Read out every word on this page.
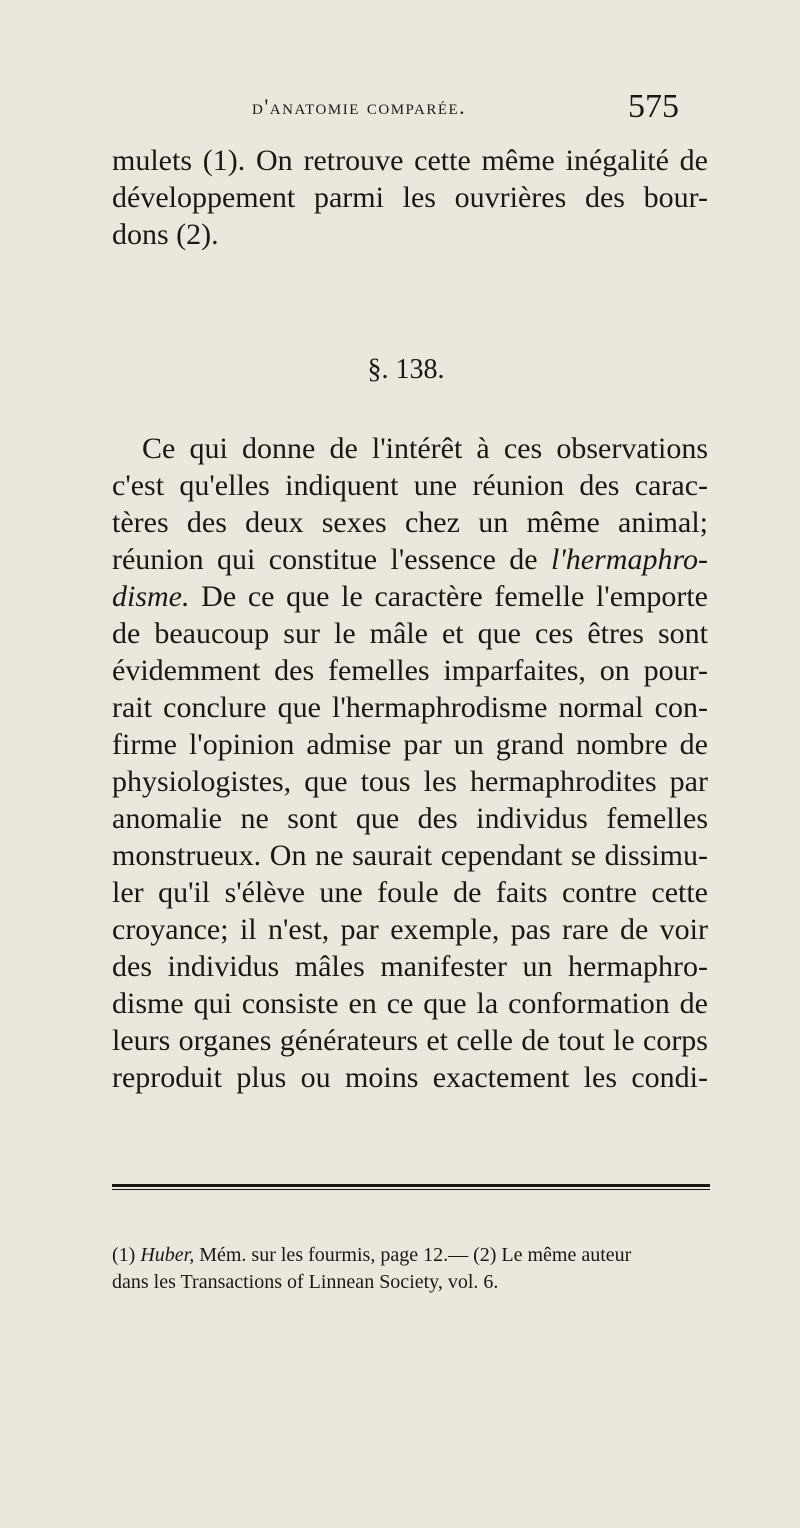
d'anatomie comparée.	575
mulets (1). On retrouve cette même inégalité de
développement parmi les ouvrières des bour-
dons (2).
§. 138.
Ce qui donne de l'intérêt à ces observations
c'est qu'elles indiquent une réunion des carac-
tères des deux sexes chez un même animal;
réunion qui constitue l'essence de l'hermaphro-
disme. De ce que le caractère femelle l'emporte
de beaucoup sur le mâle et que ces êtres sont
évidemment des femelles imparfaites, on pour-
rait conclure que l'hermaphrodisme normal con-
firme l'opinion admise par un grand nombre de
physiologistes, que tous les hermaphrodites par
anomalie ne sont que des individus femelles
monstrueux. On ne saurait cependant se dissimu-
ler qu'il s'élève une foule de faits contre cette
croyance; il n'est, par exemple, pas rare de voir
des individus mâles manifester un hermaphro-
disme qui consiste en ce que la conformation de
leurs organes générateurs et celle de tout le corps
reproduit plus ou moins exactement les condi-
(1) Huber, Mém. sur les fourmis, page 12.— (2) Le même auteur
dans les Transactions of Linnean Society, vol. 6.
